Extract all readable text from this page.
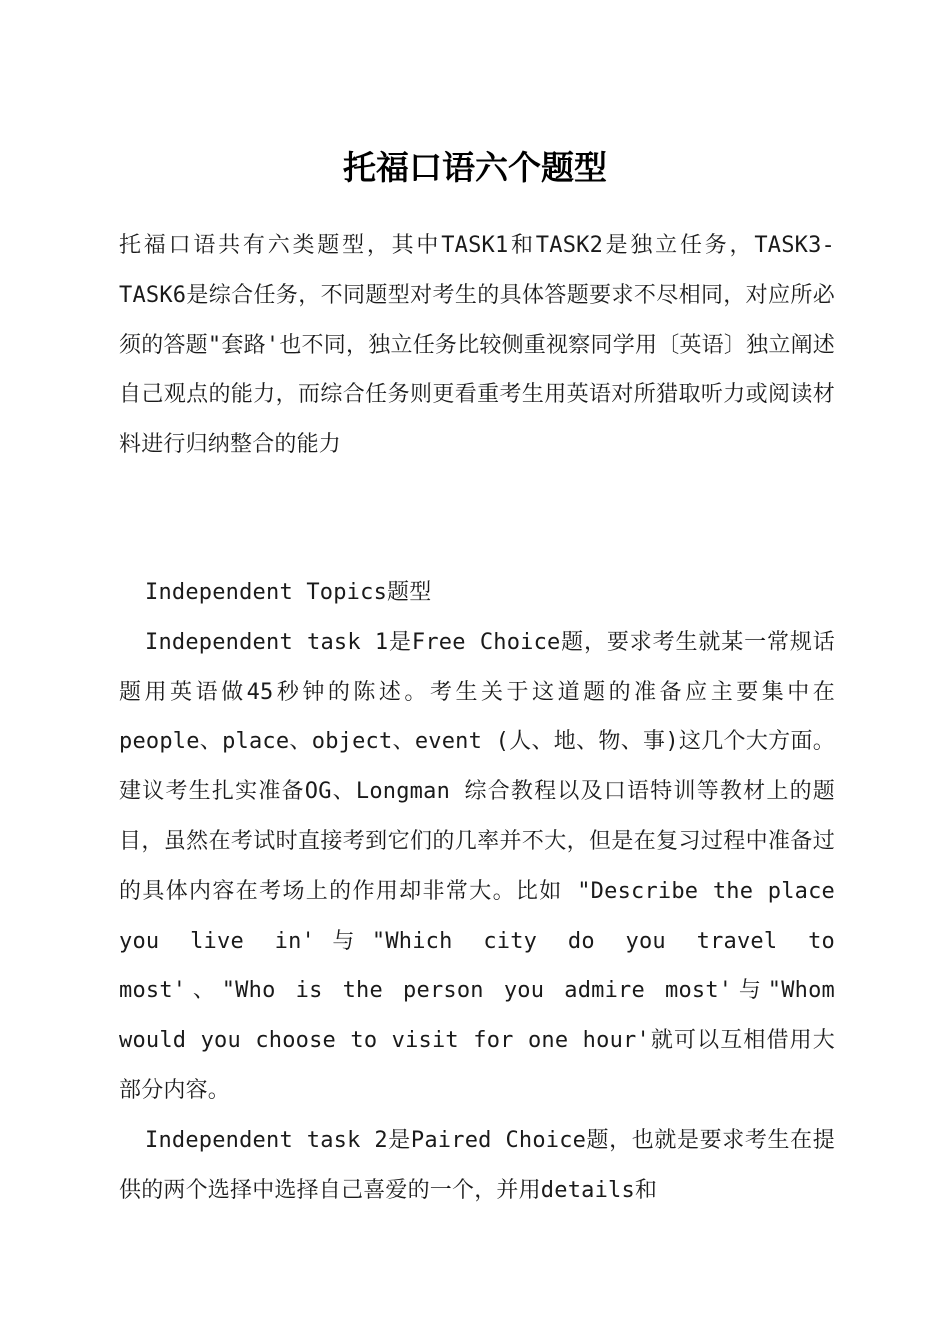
托福口语六个题型

托福口语共有六类题型，其中TASK1和TASK2是独立任务，TASK3-TASK6是综合任务，不同题型对考生的具体答题要求不尽相同，对应所必须的答题"套路'也不同，独立任务比较侧重视察同学用〔英语〕独立阐述自己观点的能力，而综合任务则更看重考生用英语对所猎取听力或阅读材料进行归纳整合的能力

Independent Topics题型

Independent task 1是Free Choice题，要求考生就某一常规话题用英语做45秒钟的陈述。考生关于这道题的准备应主要集中在people、place、object、event (人、地、物、事)这几个大方面。建议考生扎实准备OG、Longman 综合教程以及口语特训等教材上的题目，虽然在考试时直接考到它们的几率并不大，但是在复习过程中准备过的具体内容在考场上的作用却非常大。比如 "Describe the place you live in'与"Which city do you travel to most'、"Who is the person you admire most'与"Whom would you choose to visit for one hour'就可以互相借用大部分内容。

Independent task 2是Paired Choice题，也就是要求考生在提供的两个选择中选择自己喜爱的一个，并用details和
